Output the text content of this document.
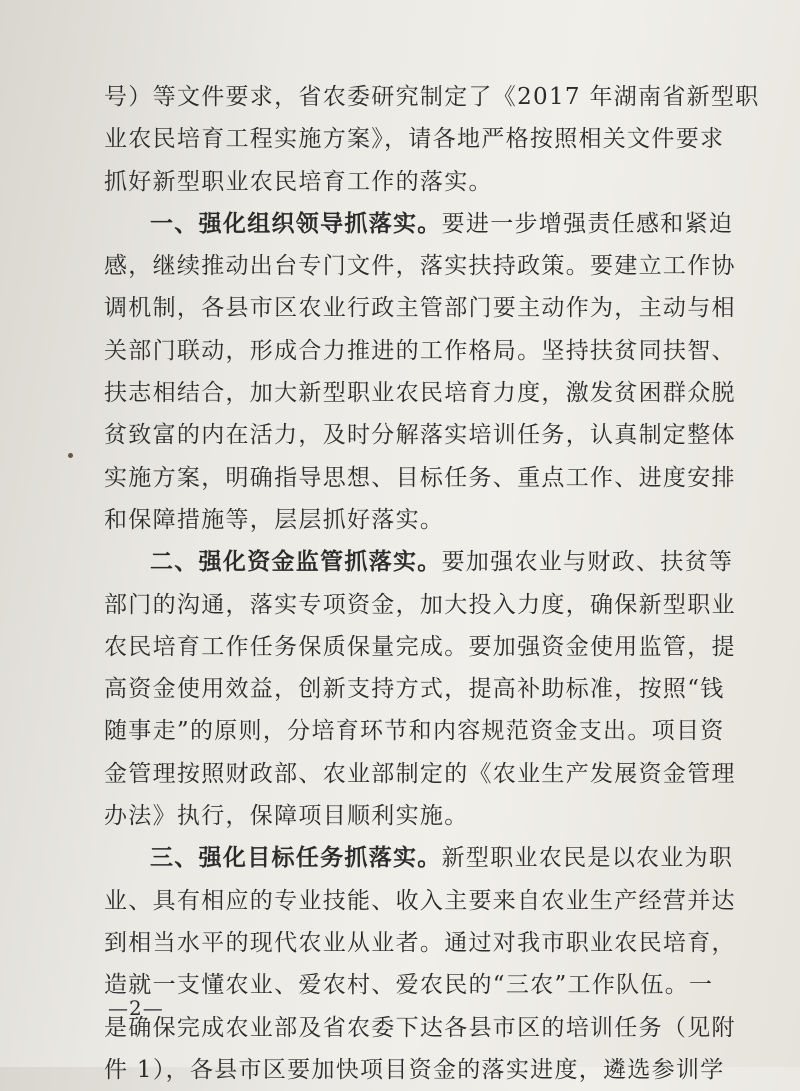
号）等文件要求，省农委研究制定了《2017 年湖南省新型职
业农民培育工程实施方案》，请各地严格按照相关文件要求
抓好新型职业农民培育工作的落实。
一、强化组织领导抓落实。要进一步增强责任感和紧迫
感，继续推动出台专门文件，落实扶持政策。要建立工作协
调机制，各县市区农业行政主管部门要主动作为，主动与相
关部门联动，形成合力推进的工作格局。坚持扶贫同扶智、
扶志相结合，加大新型职业农民培育力度，激发贫困群众脱
贫致富的内在活力，及时分解落实培训任务，认真制定整体
实施方案，明确指导思想、目标任务、重点工作、进度安排
和保障措施等，层层抓好落实。
二、强化资金监管抓落实。要加强农业与财政、扶贫等
部门的沟通，落实专项资金，加大投入力度，确保新型职业
农民培育工作任务保质保量完成。要加强资金使用监管，提
高资金使用效益，创新支持方式，提高补助标准，按照“钱
随事走”的原则，分培育环节和内容规范资金支出。项目资
金管理按照财政部、农业部制定的《农业生产发展资金管理
办法》执行，保障项目顺利实施。
三、强化目标任务抓落实。新型职业农民是以农业为职
业、具有相应的专业技能、收入主要来自农业生产经营并达
到相当水平的现代农业从业者。通过对我市职业农民培育，
造就一支懂农业、爱农村、爱农民的“三农”工作队伍。一
是确保完成农业部及省农委下达各县市区的培训任务（见附
件 1），各县市区要加快项目资金的落实进度，遴选参训学
—2—
